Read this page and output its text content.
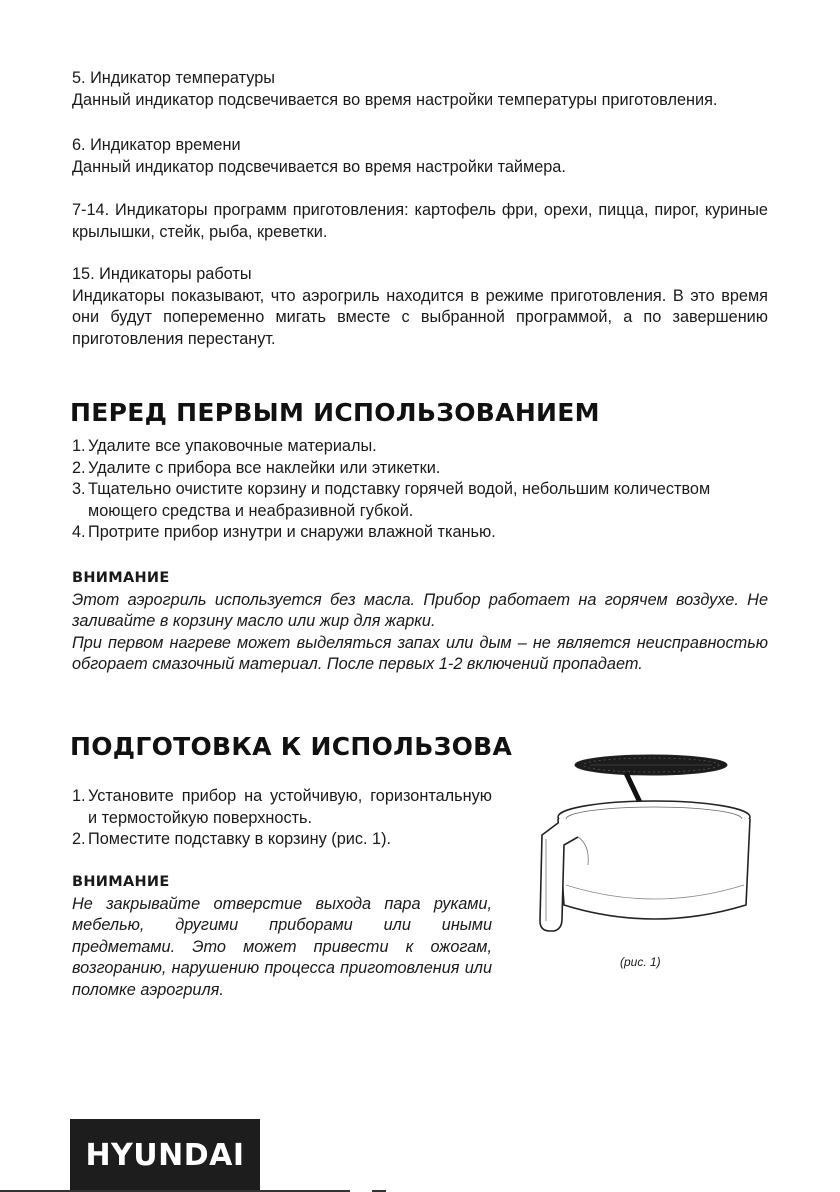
5. Индикатор температуры

Данный индикатор подсвечивается во время настройки температуры приготовления.

6. Индикатор времени

Данный индикатор подсвечивается во время настройки таймера.

7-14. Индикаторы программ приготовления: картофель фри, орехи, пицца, пирог, куриные крылышки, стейк, рыба, креветки.

15. Индикаторы работы

Индикаторы показывают, что аэрогриль находится в режиме приготовления. В это время они будут попеременно мигать вместе с выбранной программой, а по завершению приготовления перестанут.

ПЕРЕД ПЕРВЫМ ИСПОЛЬЗОВАНИЕМ
1. Удалите все упаковочные материалы.
2. Удалите с прибора все наклейки или этикетки.
3. Тщательно очистите корзину и подставку горячей водой, небольшим количеством моющего средства и неабразивной губкой.
4. Протрите прибор изнутри и снаружи влажной тканью.

ВНИМАНИЕ

Этот аэрогриль используется без масла. Прибор работает на горячем воздухе. Не заливайте в корзину масло или жир для жарки.

При первом нагреве может выделяться запах или дым – не является неисправностью обгорает смазочный материал. После первых 1-2 включений пропадает.

ПОДГОТОВКА К ИСПОЛЬЗОВА
1. Установите прибор на устойчивую, горизонтальную и термостойкую поверхность.
2. Поместите подставку в корзину (рис. 1).

ВНИМАНИЕ

Не закрывайте отверстие выхода пара руками, мебелью, другими приборами или иными предметами. Это может привести к ожогам, возгоранию, нарушению процесса приготовления или поломке аэрогриля.

(рис. 1)
HYUNDAI
